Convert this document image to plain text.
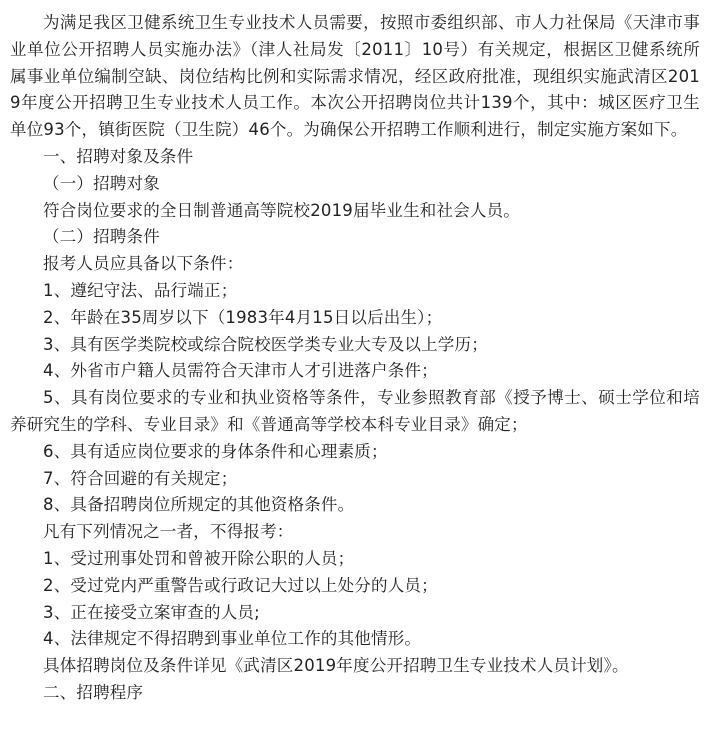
为满足我区卫健系统卫生专业技术人员需要，按照市委组织部、市人力社保局《天津市事业单位公开招聘人员实施办法》（津人社局发〔2011〕10号）有关规定，根据区卫健系统所属事业单位编制空缺、岗位结构比例和实际需求情况，经区政府批准，现组织实施武清区2019年度公开招聘卫生专业技术人员工作。本次公开招聘岗位共计139个，其中：城区医疗卫生单位93个，镇街医院（卫生院）46个。为确保公开招聘工作顺利进行，制定实施方案如下。

一、招聘对象及条件

（一）招聘对象

符合岗位要求的全日制普通高等院校2019届毕业生和社会人员。

（二）招聘条件

报考人员应具备以下条件：

1、遵纪守法、品行端正；

2、年龄在35周岁以下（1983年4月15日以后出生）；

3、具有医学类院校或综合院校医学类专业大专及以上学历；

4、外省市户籍人员需符合天津市人才引进落户条件；

5、具有岗位要求的专业和执业资格等条件，专业参照教育部《授予博士、硕士学位和培养研究生的学科、专业目录》和《普通高等学校本科专业目录》确定；

6、具有适应岗位要求的身体条件和心理素质；

7、符合回避的有关规定；

8、具备招聘岗位所规定的其他资格条件。

凡有下列情况之一者，不得报考：

1、受过刑事处罚和曾被开除公职的人员；

2、受过党内严重警告或行政记大过以上处分的人员；

3、正在接受立案审查的人员;

4、法律规定不得招聘到事业单位工作的其他情形。

具体招聘岗位及条件详见《武清区2019年度公开招聘卫生专业技术人员计划》。

二、招聘程序
